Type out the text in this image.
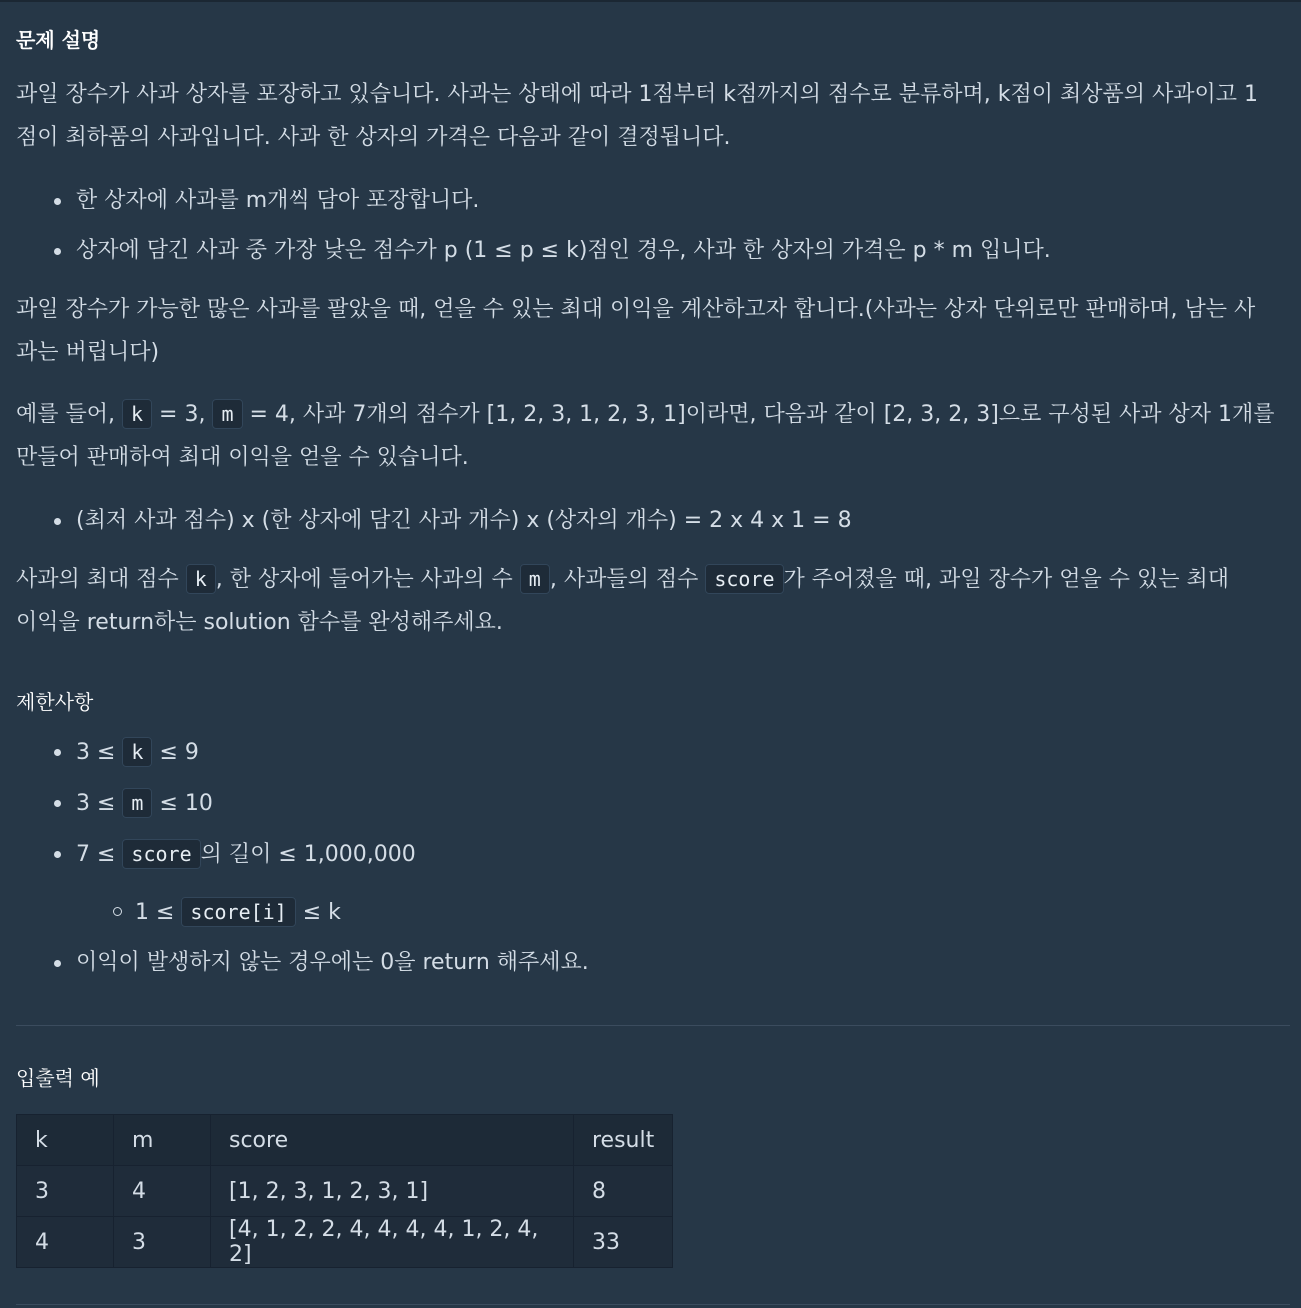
문제 설명

과일 장수가 사과 상자를 포장하고 있습니다. 사과는 상태에 따라 1점부터 k점까지의 점수로 분류하며, k점이 최상품의 사과이고 1
점이 최하품의 사과입니다. 사과 한 상자의 가격은 다음과 같이 결정됩니다.

한 상자에 사과를 m개씩 담아 포장합니다.
상자에 담긴 사과 중 가장 낮은 점수가 p (1 ≤ p ≤ k)점인 경우, 사과 한 상자의 가격은 p * m 입니다.

과일 장수가 가능한 많은 사과를 팔았을 때, 얻을 수 있는 최대 이익을 계산하고자 합니다.(사과는 상자 단위로만 판매하며, 남는 사
과는 버립니다)

예를 들어, k = 3, m = 4, 사과 7개의 점수가 [1, 2, 3, 1, 2, 3, 1]이라면, 다음과 같이 [2, 3, 2, 3]으로 구성된 사과 상자 1개를
만들어 판매하여 최대 이익을 얻을 수 있습니다.

(최저 사과 점수) x (한 상자에 담긴 사과 개수) x (상자의 개수) = 2 x 4 x 1 = 8

사과의 최대 점수 k , 한 상자에 들어가는 사과의 수 m , 사과들의 점수 score 가 주어졌을 때, 과일 장수가 얻을 수 있는 최대
이익을 return하는 solution 함수를 완성해주세요.

제한사항
3 ≤ k ≤ 9
3 ≤ m ≤ 10
7 ≤ score 의 길이 ≤ 1,000,000
1 ≤ score[i] ≤ k
이익이 발생하지 않는 경우에는 0을 return 해주세요.
입출력 예
k	m	score	result
3	4	[1, 2, 3, 1, 2, 3, 1]	8
4	3	[4, 1, 2, 2, 4, 4, 4, 4, 1, 2, 4, 2]	33
